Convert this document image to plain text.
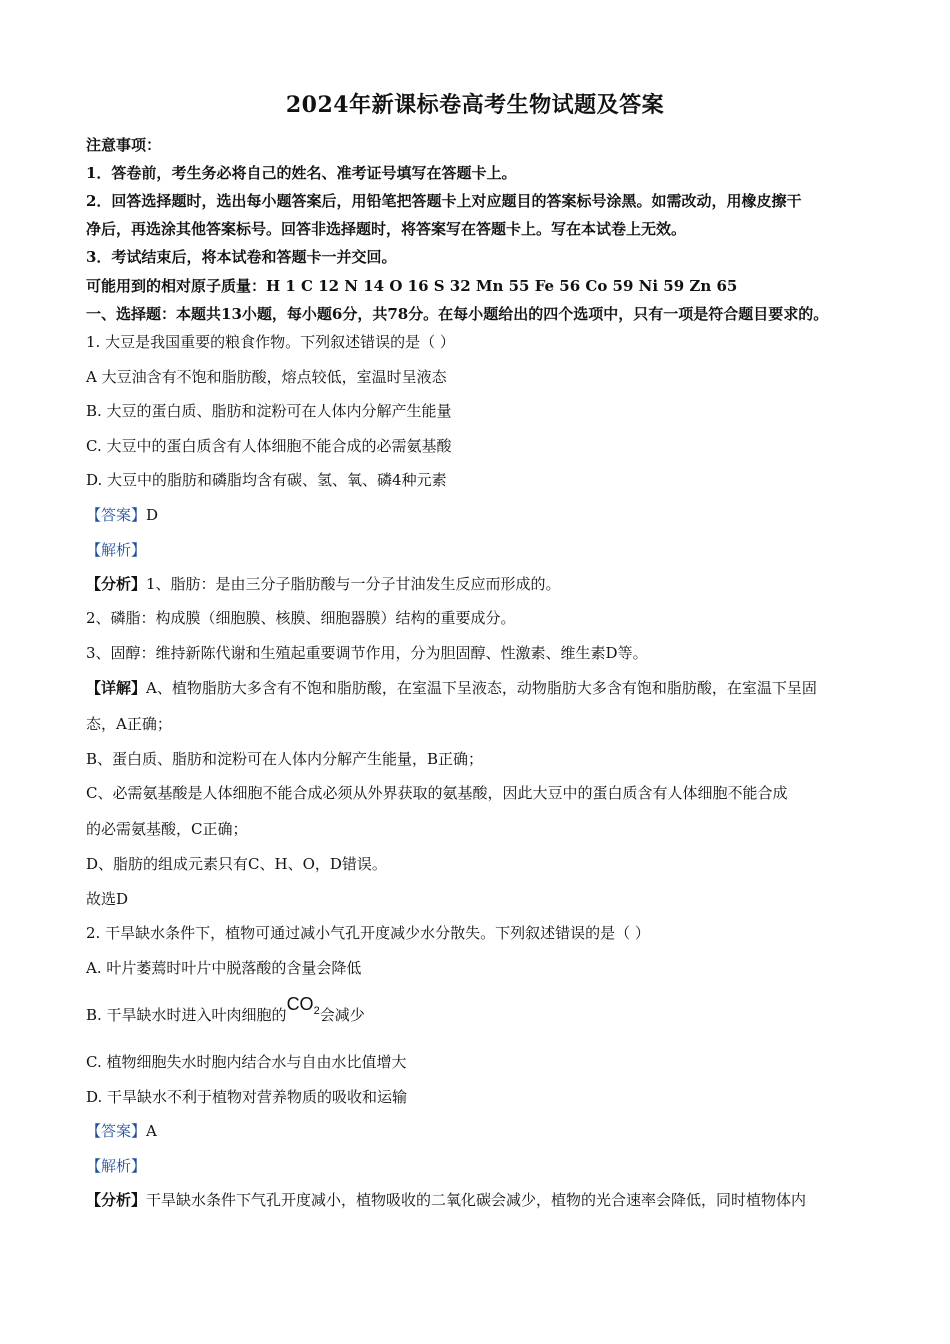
2024年新课标卷高考生物试题及答案
注意事项：
1．答卷前，考生务必将自己的姓名、准考证号填写在答题卡上。
2．回答选择题时，选出每小题答案后，用铅笔把答题卡上对应题目的答案标号涂黑。如需改动，用橡皮擦干
净后，再选涂其他答案标号。回答非选择题时，将答案写在答题卡上。写在本试卷上无效。
3．考试结束后，将本试卷和答题卡一并交回。
可能用到的相对原子质量：H 1 C 12 N 14 O 16 S 32 Mn 55 Fe 56 Co 59 Ni 59 Zn 65
一、选择题：本题共13小题，每小题6分，共78分。在每小题给出的四个选项中，只有一项是符合题目要求的。
1. 大豆是我国重要的粮食作物。下列叙述错误的是（ ）
A 大豆油含有不饱和脂肪酸，熔点较低，室温时呈液态
B. 大豆的蛋白质、脂肪和淀粉可在人体内分解产生能量
C. 大豆中的蛋白质含有人体细胞不能合成的必需氨基酸
D. 大豆中的脂肪和磷脂均含有碳、氢、氧、磷4种元素
【答案】D
【解析】
【分析】1、脂肪：是由三分子脂肪酸与一分子甘油发生反应而形成的。
2、磷脂：构成膜（细胞膜、核膜、细胞器膜）结构的重要成分。
3、固醇：维持新陈代谢和生殖起重要调节作用，分为胆固醇、性激素、维生素D等。
【详解】A、植物脂肪大多含有不饱和脂肪酸，在室温下呈液态，动物脂肪大多含有饱和脂肪酸，在室温下呈固
态，A正确；
B、蛋白质、脂肪和淀粉可在人体内分解产生能量，B正确；
C、必需氨基酸是人体细胞不能合成必须从外界获取的氨基酸，因此大豆中的蛋白质含有人体细胞不能合成
的必需氨基酸，C正确；
D、脂肪的组成元素只有C、H、O，D错误。
故选D
2. 干旱缺水条件下，植物可通过减小气孔开度减少水分散失。下列叙述错误的是（ ）
A. 叶片萎蔫时叶片中脱落酸的含量会降低
B. 干旱缺水时进入叶肉细胞的$CO_2$会减少
C. 植物细胞失水时胞内结合水与自由水比值增大
D. 干旱缺水不利于植物对营养物质的吸收和运输
【答案】A
【解析】
【分析】干旱缺水条件下气孔开度减小，植物吸收的二氧化碳会减少，植物的光合速率会降低，同时植物体内
